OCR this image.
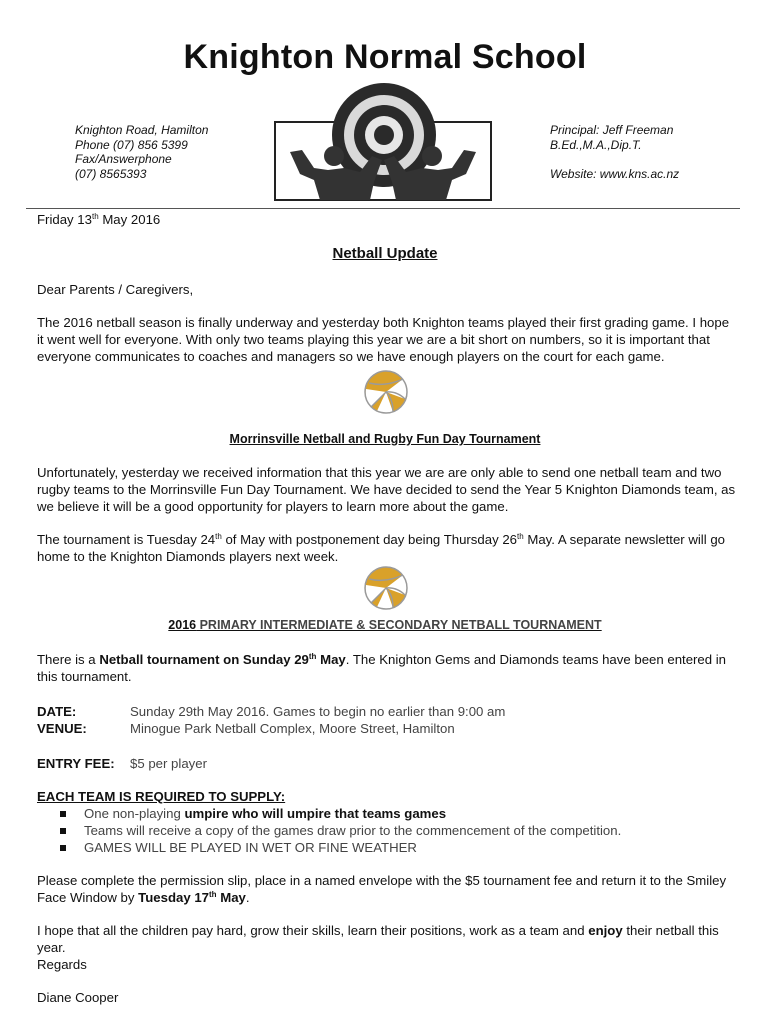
Knighton Normal School
Knighton Road, Hamilton
Phone (07) 856 5399
Fax/Answerphone
(07) 8565393
Principal: Jeff Freeman
B.Ed.,M.A.,Dip.T.
Website: www.kns.ac.nz
Friday 13th May 2016
Netball Update
Dear Parents / Caregivers,
The 2016 netball season is finally underway and yesterday both Knighton teams played their first grading game. I hope it went well for everyone. With only two teams playing this year we are a bit short on numbers, so it is important that everyone communicates to coaches and managers so we have enough players on the court for each game.
Morrinsville Netball and Rugby Fun Day Tournament
Unfortunately, yesterday we received information that this year we are are only able to send one netball team and two rugby teams to the Morrinsville Fun Day Tournament. We have decided to send the Year 5 Knighton Diamonds team, as we believe it will be a good opportunity for players to learn more about the game.
The tournament is Tuesday 24th of May with postponement day being Thursday 26th May. A separate newsletter will go home to the Knighton Diamonds players next week.
2016 PRIMARY INTERMEDIATE & SECONDARY NETBALL TOURNAMENT
There is a Netball tournament on Sunday 29th May. The Knighton Gems and Diamonds teams have been entered in this tournament.
DATE:	Sunday 29th May 2016. Games to begin no earlier than 9:00 am
VENUE:	Minogue Park Netball Complex, Moore Street, Hamilton
ENTRY FEE: $5 per player
EACH TEAM IS REQUIRED TO SUPPLY:
One non-playing umpire who will umpire that teams games
Teams will receive a copy of the games draw prior to the commencement of the competition.
GAMES WILL BE PLAYED IN WET OR FINE WEATHER
Please complete the permission slip, place in a named envelope with the $5 tournament fee and return it to the Smiley Face Window by Tuesday 17th May.
I hope that all the children pay hard, grow their skills, learn their positions, work as a team and enjoy their netball this year.
Regards
Diane Cooper
